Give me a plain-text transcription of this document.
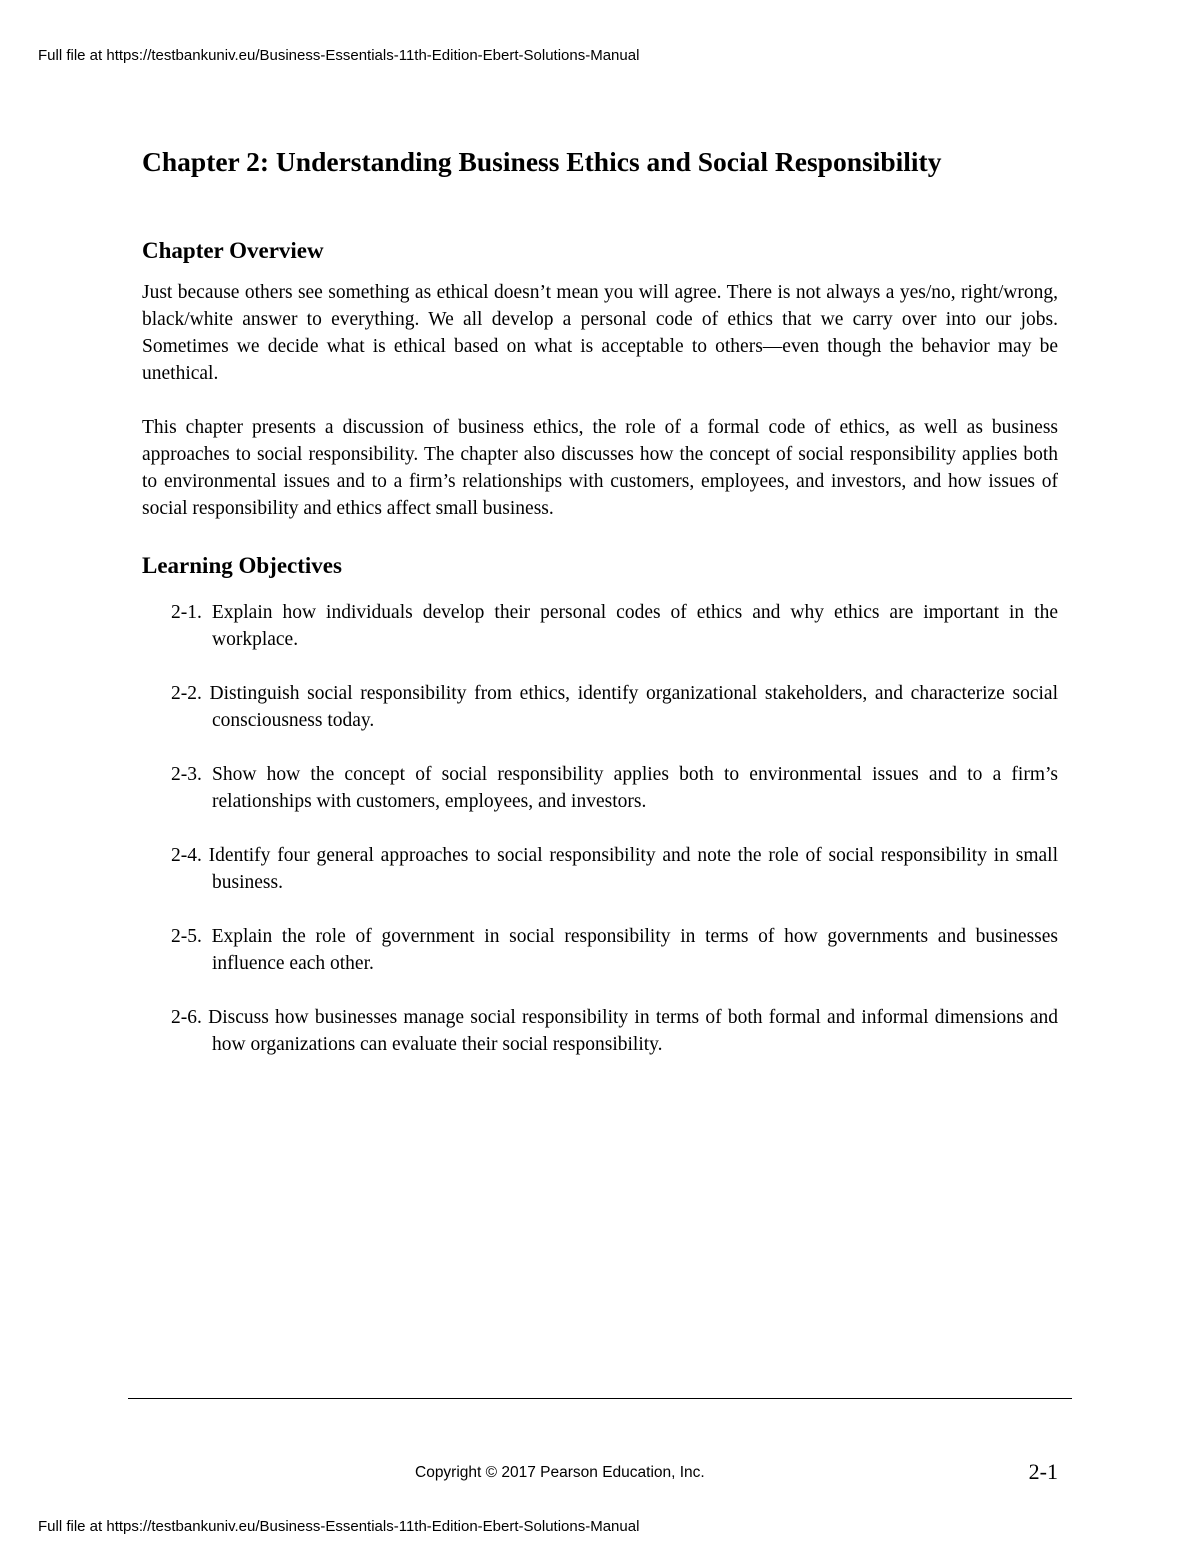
Full file at https://testbankuniv.eu/Business-Essentials-11th-Edition-Ebert-Solutions-Manual
Chapter 2: Understanding Business Ethics and Social Responsibility
Chapter Overview

Just because others see something as ethical doesn’t mean you will agree. There is not always a yes/no, right/wrong, black/white answer to everything. We all develop a personal code of ethics that we carry over into our jobs. Sometimes we decide what is ethical based on what is acceptable to others—even though the behavior may be unethical.

This chapter presents a discussion of business ethics, the role of a formal code of ethics, as well as business approaches to social responsibility. The chapter also discusses how the concept of social responsibility applies both to environmental issues and to a firm’s relationships with customers, employees, and investors, and how issues of social responsibility and ethics affect small business.

Learning Objectives
2-1. Explain how individuals develop their personal codes of ethics and why ethics are important in the workplace.
2-2. Distinguish social responsibility from ethics, identify organizational stakeholders, and characterize social consciousness today.
2-3. Show how the concept of social responsibility applies both to environmental issues and to a firm’s relationships with customers, employees, and investors.
2-4. Identify four general approaches to social responsibility and note the role of social responsibility in small business.
2-5. Explain the role of government in social responsibility in terms of how governments and businesses influence each other.
2-6. Discuss how businesses manage social responsibility in terms of both formal and informal dimensions and how organizations can evaluate their social responsibility.
Copyright © 2017 Pearson Education, Inc.	2-1
Full file at https://testbankuniv.eu/Business-Essentials-11th-Edition-Ebert-Solutions-Manual
